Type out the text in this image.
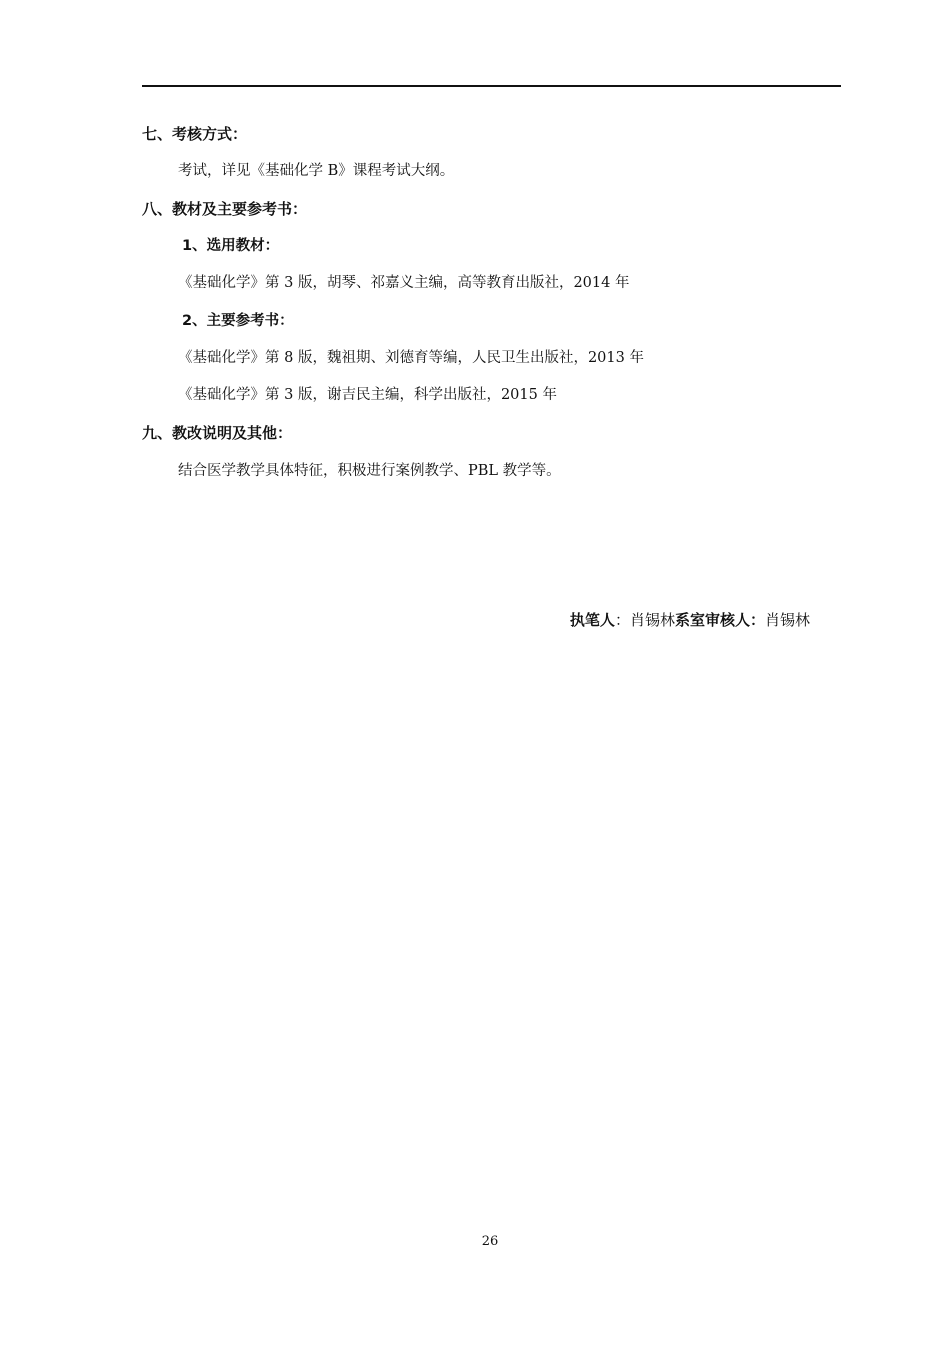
七、考核方式：
考试，详见《基础化学 B》课程考试大纲。
八、教材及主要参考书：
1、选用教材：
《基础化学》第 3 版，胡琴、祁嘉义主编，高等教育出版社，2014 年
2、主要参考书：
《基础化学》第 8 版，魏祖期、刘德育等编，人民卫生出版社，2013 年
《基础化学》第 3 版，谢吉民主编，科学出版社，2015 年
九、教改说明及其他：
结合医学教学具体特征，积极进行案例教学、PBL 教学等。
执笔人：肖锡林系室审核人：肖锡林
26
